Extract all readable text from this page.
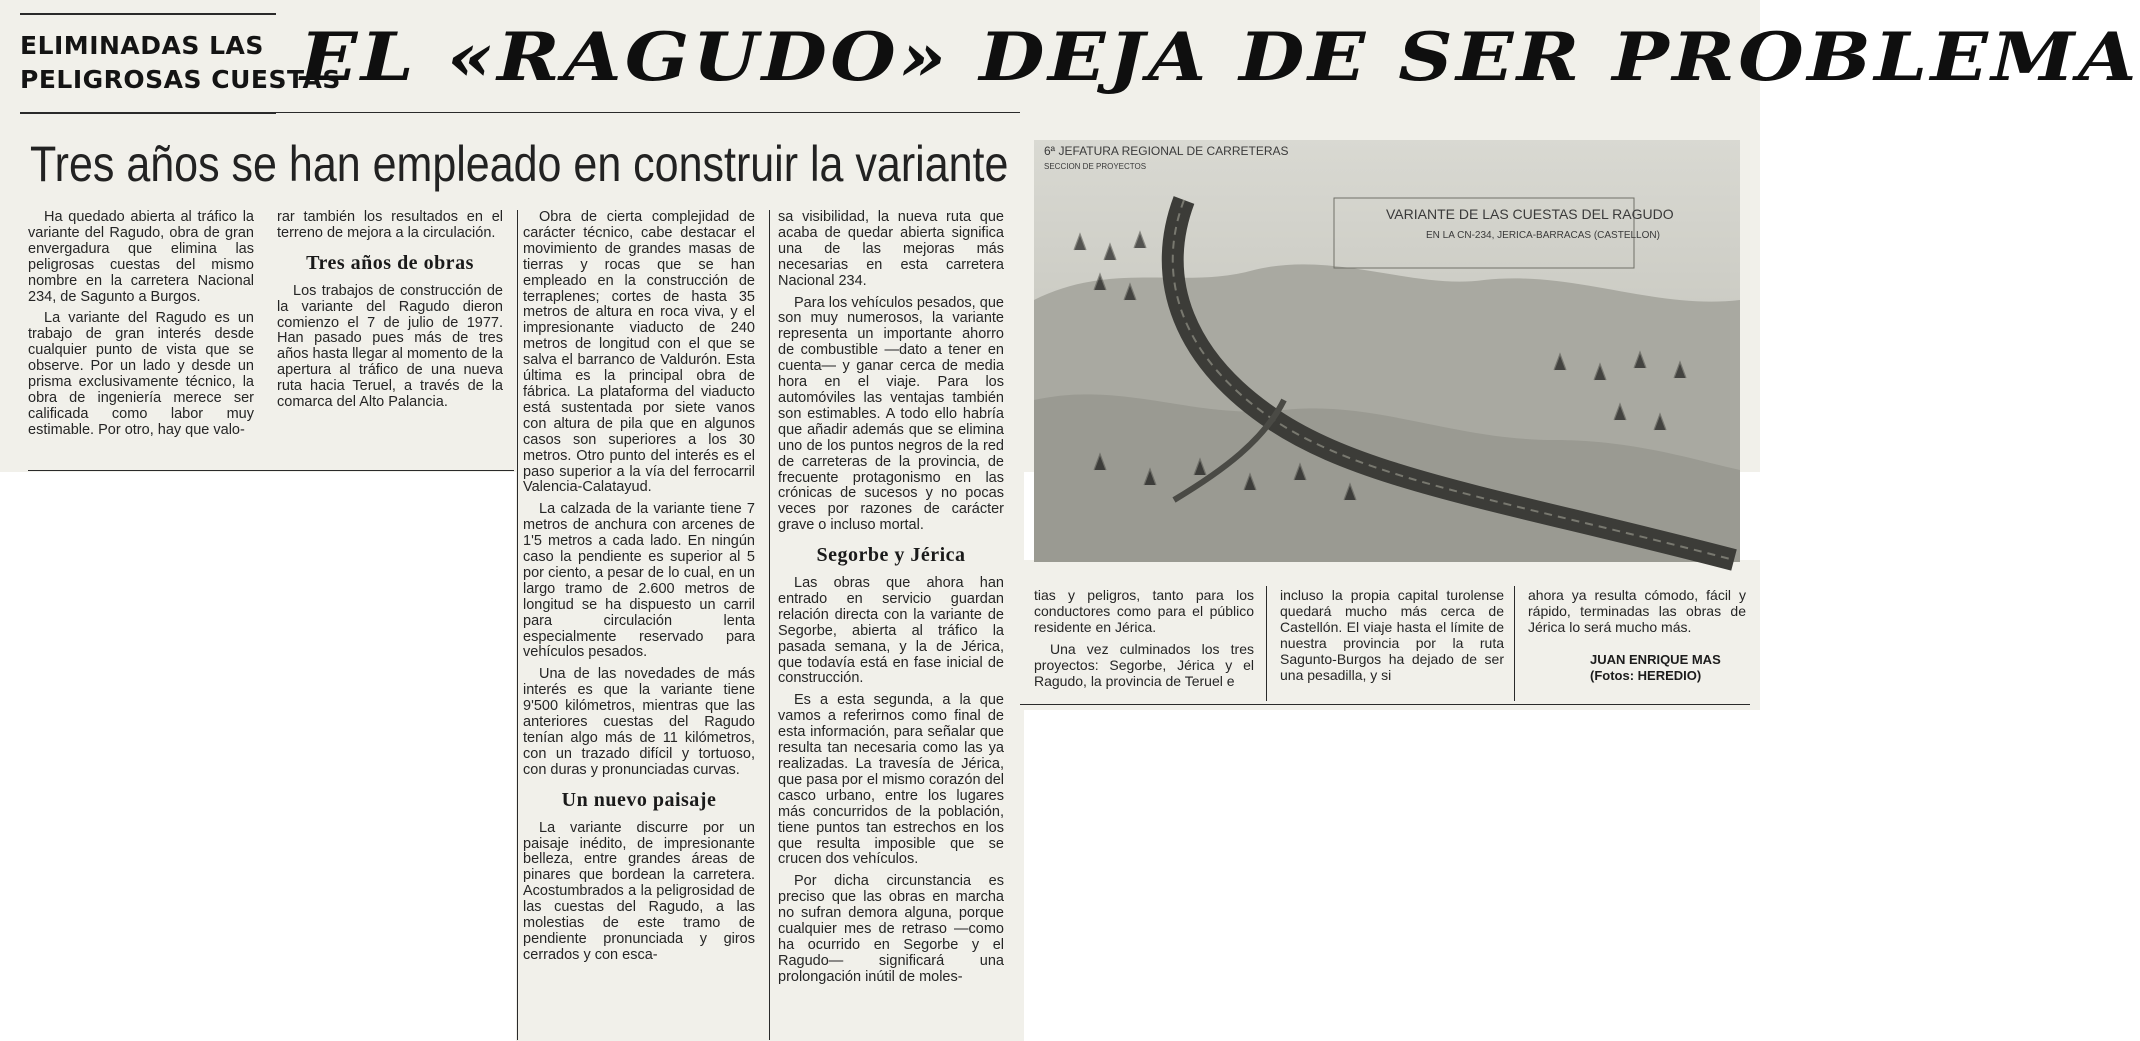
ELIMINADAS LAS
PELIGROSAS CUESTAS
EL «RAGUDO» DEJA DE SER PROBLEMA
Tres años se han empleado en construir la variante	6ª JEFATURA REGIONAL DE CARRETERAS
SECCION DE PROYECTOS
VARIANTE DE LAS CUESTAS DEL RAGUDO
EN LA CN-234, JERICA-BARRACAS (CASTELLON)

Ha quedado abierta al tráfico la variante del Ragudo, obra de gran envergadura que elimina las peligrosas cuestas del mismo nombre en la carretera Nacional 234, de Sagunto a Burgos.

La variante del Ragudo es un trabajo de gran interés desde cualquier punto de vista que se observe. Por un lado y desde un prisma exclusivamente técnico, la obra de ingeniería merece ser calificada como labor muy estimable. Por otro, hay que valo-

rar también los resultados en el terreno de mejora a la circulación.

Tres años de obras

Los trabajos de construcción de la variante del Ragudo dieron comienzo el 7 de julio de 1977. Han pasado pues más de tres años hasta llegar al momento de la apertura al tráfico de una nueva ruta hacia Teruel, a través de la comarca del Alto Palancia.

Obra de cierta complejidad de carácter técnico, cabe destacar el movimiento de grandes masas de tierras y rocas que se han empleado en la construcción de terraplenes; cortes de hasta 35 metros de altura en roca viva, y el impresionante viaducto de 240 metros de longitud con el que se salva el barranco de Valdurón. Esta última es la principal obra de fábrica. La plataforma del viaducto está sustentada por siete vanos con altura de pila que en algunos casos son superiores a los 30 metros. Otro punto del interés es el paso superior a la vía del ferrocarril Valencia-Calatayud.

La calzada de la variante tiene 7 metros de anchura con arcenes de 1'5 metros a cada lado. En ningún caso la pendiente es superior al 5 por ciento, a pesar de lo cual, en un largo tramo de 2.600 metros de longitud se ha dispuesto un carril para circulación lenta especialmente reservado para vehículos pesados.

Una de las novedades de más interés es que la variante tiene 9'500 kilómetros, mientras que las anteriores cuestas del Ragudo tenían algo más de 11 kilómetros, con un trazado difícil y tortuoso, con duras y pronunciadas curvas.

Un nuevo paisaje

La variante discurre por un paisaje inédito, de impresionante belleza, entre grandes áreas de pinares que bordean la carretera. Acostumbrados a la peligrosidad de las cuestas del Ragudo, a las molestias de este tramo de pendiente pronunciada y giros cerrados y con esca-

sa visibilidad, la nueva ruta que acaba de quedar abierta significa una de las mejoras más necesarias en esta carretera Nacional 234.

Para los vehículos pesados, que son muy numerosos, la variante representa un importante ahorro de combustible —dato a tener en cuenta— y ganar cerca de media hora en el viaje. Para los automóviles las ventajas también son estimables. A todo ello habría que añadir además que se elimina uno de los puntos negros de la red de carreteras de la provincia, de frecuente protagonismo en las crónicas de sucesos y no pocas veces por razones de carácter grave o incluso mortal.

Segorbe y Jérica

Las obras que ahora han entrado en servicio guardan relación directa con la variante de Segorbe, abierta al tráfico la pasada semana, y la de Jérica, que todavía está en fase inicial de construcción.

Es a esta segunda, a la que vamos a referirnos como final de esta información, para señalar que resulta tan necesaria como las ya realizadas. La travesía de Jérica, que pasa por el mismo corazón del casco urbano, entre los lugares más concurridos de la población, tiene puntos tan estrechos en los que resulta imposible que se crucen dos vehículos.

Por dicha circunstancia es preciso que las obras en marcha no sufran demora alguna, porque cualquier mes de retraso —como ha ocurrido en Segorbe y el Ragudo— significará una prolongación inútil de moles-

tias y peligros, tanto para los conductores como para el público residente en Jérica.

Una vez culminados los tres proyectos: Segorbe, Jérica y el Ragudo, la provincia de Teruel e

incluso la propia capital turolense quedará mucho más cerca de Castellón. El viaje hasta el límite de nuestra provincia por la ruta Sagunto-Burgos ha dejado de ser una pesadilla, y si

ahora ya resulta cómodo, fácil y rápido, terminadas las obras de Jérica lo será mucho más.

JUAN ENRIQUE MAS
(Fotos: HEREDIO)
